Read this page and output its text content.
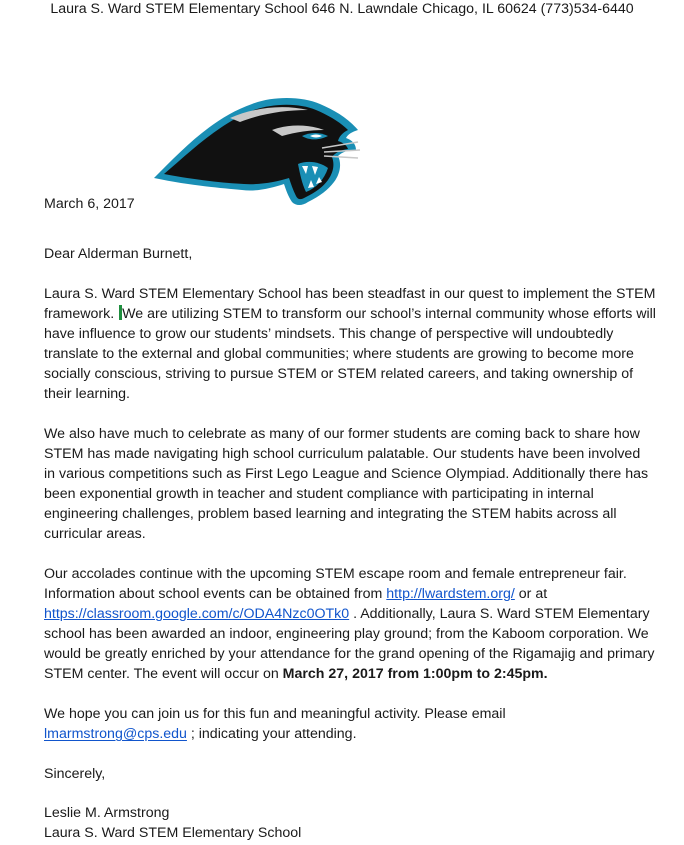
Laura S. Ward STEM Elementary School 646 N. Lawndale Chicago, IL 60624 (773)534-6440
March 6, 2017
Dear Alderman Burnett,
Laura S. Ward STEM Elementary School has been steadfast in our quest to implement the STEM
framework. We are utilizing STEM to transform our school’s internal community whose efforts will
have influence to grow our students’ mindsets. This change of perspective will undoubtedly
translate to the external and global communities; where students are growing to become more
socially conscious, striving to pursue STEM or STEM related careers, and taking ownership of
their learning.
We also have much to celebrate as many of our former students are coming back to share how
STEM has made navigating high school curriculum palatable. Our students have been involved
in various competitions such as First Lego League and Science Olympiad. Additionally there has
been exponential growth in teacher and student compliance with participating in internal
engineering challenges, problem based learning and integrating the STEM habits across all
curricular areas.
Our accolades continue with the upcoming STEM escape room and female entrepreneur fair.
Information about school events can be obtained from http://lwardstem.org/ or at
https://classroom.google.com/c/ODA4Nzc0OTk0 . Additionally, Laura S. Ward STEM Elementary
school has been awarded an indoor, engineering play ground; from the Kaboom corporation. We
would be greatly enriched by your attendance for the grand opening of the Rigamajig and primary
STEM center. The event will occur on March 27, 2017 from 1:00pm to 2:45pm.
We hope you can join us for this fun and meaningful activity. Please email
lmarmstrong@cps.edu ; indicating your attending.
Sincerely,
Leslie M. Armstrong
Laura S. Ward STEM Elementary School
